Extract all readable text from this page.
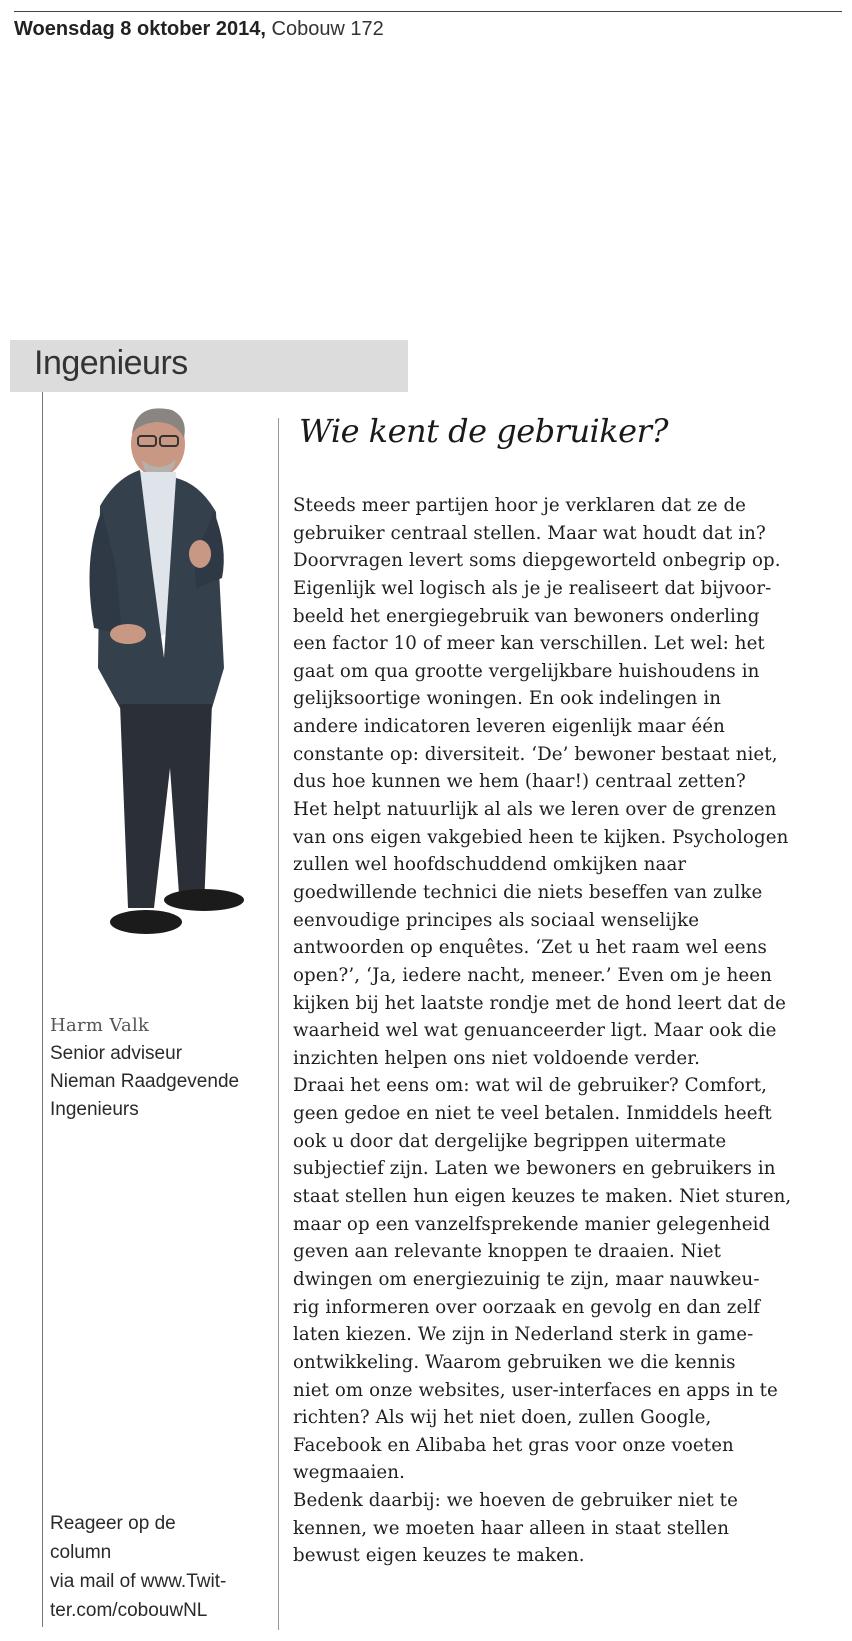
Woensdag 8 oktober 2014, Cobouw 172
Ingenieurs
Harm Valk
Senior adviseur
Nieman Raadgevende
Ingenieurs
Reageer op de
column
via mail of www.Twit-
ter.com/cobouwNL
Wie kent de gebruiker?
Steeds meer partijen hoor je verklaren dat ze de
gebruiker centraal stellen. Maar wat houdt dat in?
Doorvragen levert soms diepgeworteld onbegrip op.
Eigenlijk wel logisch als je je realiseert dat bijvoor-
beeld het energiegebruik van bewoners onderling
een factor 10 of meer kan verschillen. Let wel: het
gaat om qua grootte vergelijkbare huishoudens in
gelijksoortige woningen. En ook indelingen in
andere indicatoren leveren eigenlijk maar één
constante op: diversiteit. ‘De’ bewoner bestaat niet,
dus hoe kunnen we hem (haar!) centraal zetten?
Het helpt natuurlijk al als we leren over de grenzen
van ons eigen vakgebied heen te kijken. Psychologen
zullen wel hoofdschuddend omkijken naar
goedwillende technici die niets beseffen van zulke
eenvoudige principes als sociaal wenselijke
antwoorden op enquêtes. ‘Zet u het raam wel eens
open?’, ‘Ja, iedere nacht, meneer.’ Even om je heen
kijken bij het laatste rondje met de hond leert dat de
waarheid wel wat genuanceerder ligt. Maar ook die
inzichten helpen ons niet voldoende verder.
Draai het eens om: wat wil de gebruiker? Comfort,
geen gedoe en niet te veel betalen. Inmiddels heeft
ook u door dat dergelijke begrippen uitermate
subjectief zijn. Laten we bewoners en gebruikers in
staat stellen hun eigen keuzes te maken. Niet sturen,
maar op een vanzelfsprekende manier gelegenheid
geven aan relevante knoppen te draaien. Niet
dwingen om energiezuinig te zijn, maar nauwkeu-
rig informeren over oorzaak en gevolg en dan zelf
laten kiezen. We zijn in Nederland sterk in game-
ontwikkeling. Waarom gebruiken we die kennis
niet om onze websites, user-interfaces en apps in te
richten? Als wij het niet doen, zullen Google,
Facebook en Alibaba het gras voor onze voeten
wegmaaien.
Bedenk daarbij: we hoeven de gebruiker niet te
kennen, we moeten haar alleen in staat stellen
bewust eigen keuzes te maken.
